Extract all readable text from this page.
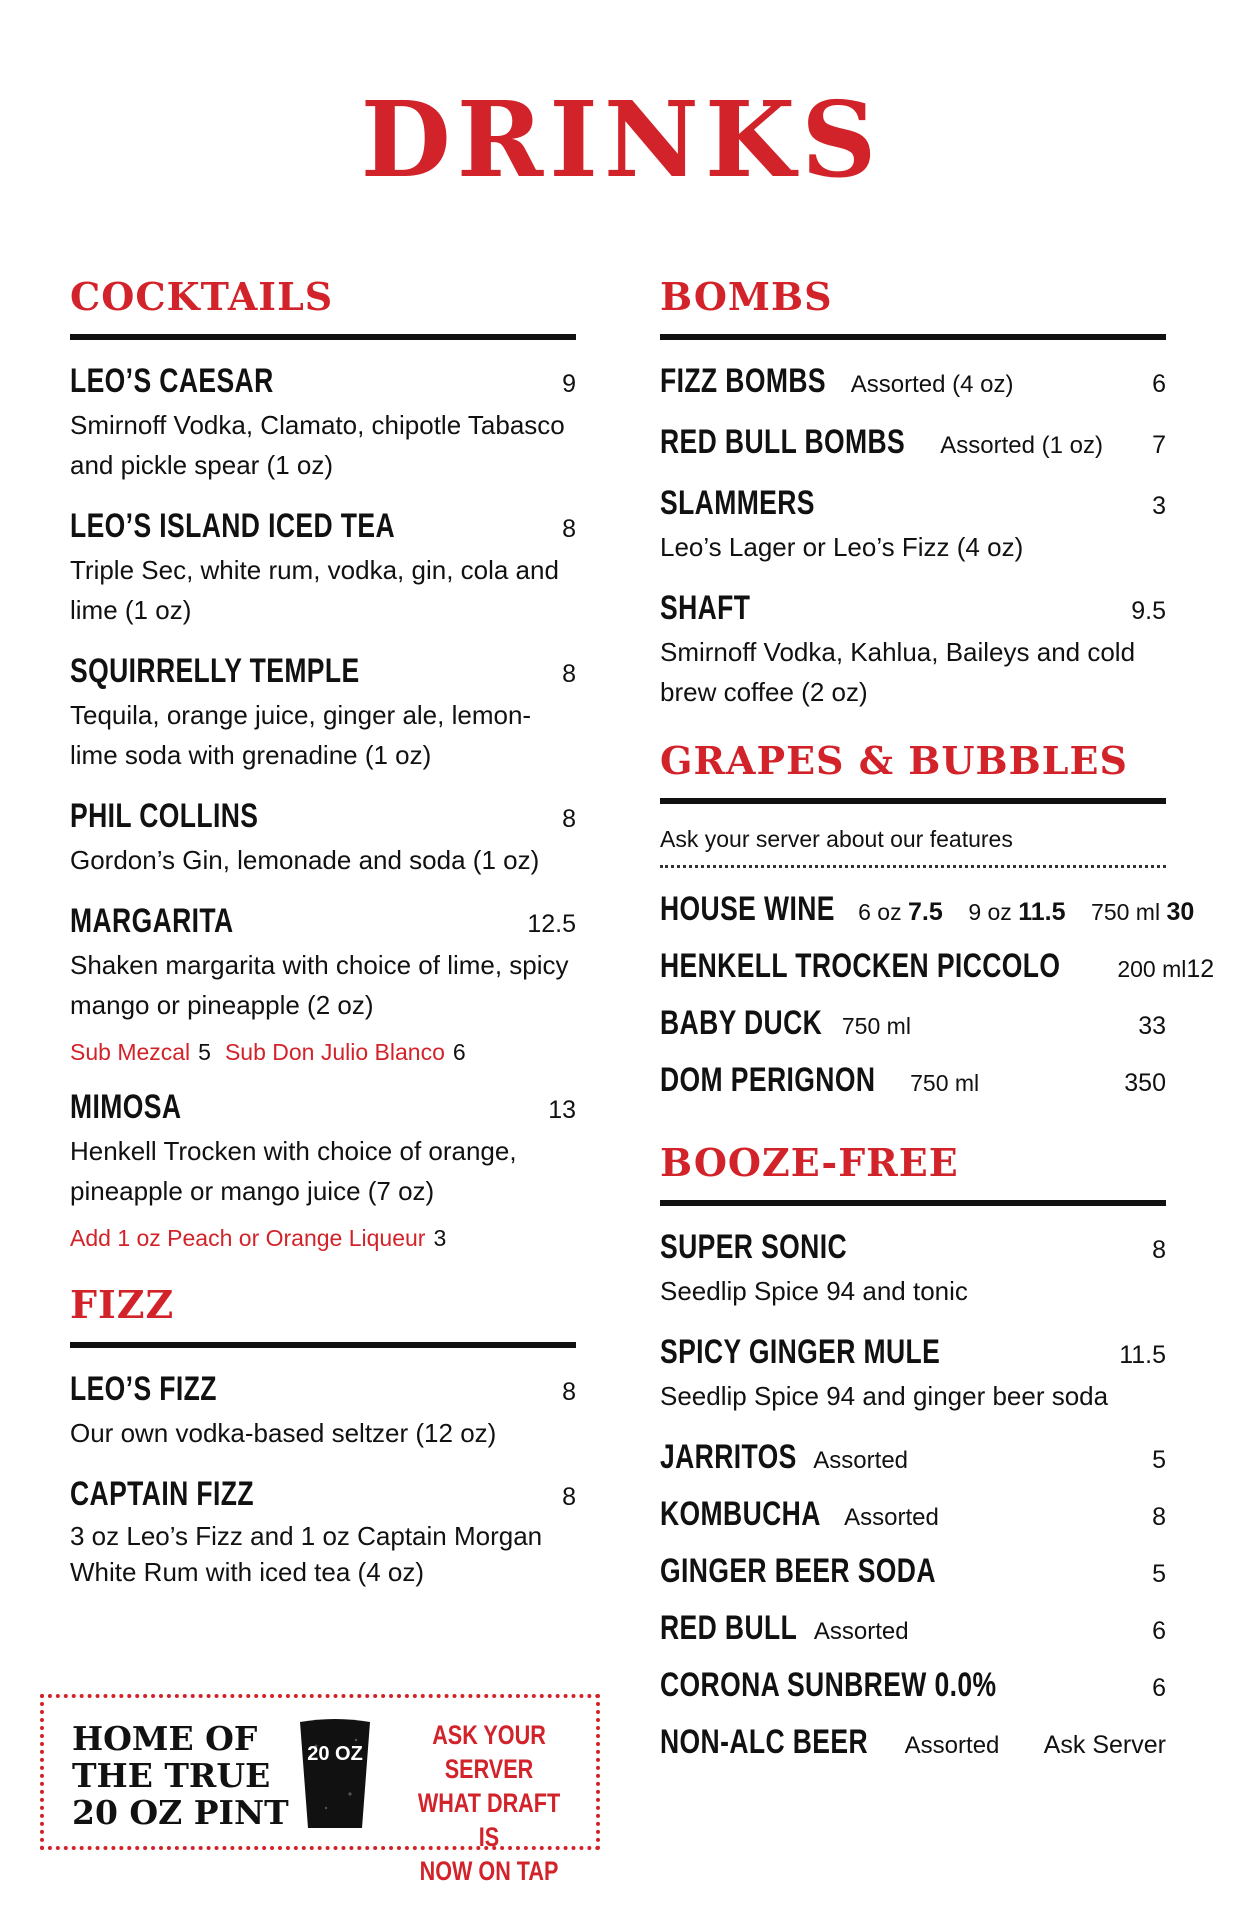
DRINKS
COCKTAILS
LEO’S CAESAR	9
Smirnoff Vodka, Clamato, chipotle Tabasco and pickle spear (1 oz)
LEO’S ISLAND ICED TEA	8
Triple Sec, white rum, vodka, gin, cola and lime (1 oz)
SQUIRRELLY TEMPLE	8
Tequila, orange juice, ginger ale, lemon-lime soda with grenadine (1 oz)
PHIL COLLINS	8
Gordon’s Gin, lemonade and soda (1 oz)
MARGARITA	12.5
Shaken margarita with choice of lime, spicy mango or pineapple (2 oz)
Sub Mezcal 5 Sub Don Julio Blanco 6
MIMOSA	13
Henkell Trocken with choice of orange, pineapple or mango juice (7 oz)
Add 1 oz Peach or Orange Liqueur 3
FIZZ
LEO’S FIZZ	8
Our own vodka-based seltzer (12 oz)
CAPTAIN FIZZ	8
3 oz Leo’s Fizz and 1 oz Captain Morgan White Rum with iced tea (4 oz)
BOMBS
FIZZ BOMBS Assorted (4 oz)	6
RED BULL BOMBS Assorted (1 oz) 7
SLAMMERS	3
Leo’s Lager or Leo’s Fizz (4 oz)
SHAFT	9.5
Smirnoff Vodka, Kahlua, Baileys and cold brew coffee (2 oz)
GRAPES & BUBBLES
Ask your server about our features
HOUSE WINE 6 oz 7.5 9 oz 11.5 750 ml 30
HENKELL TROCKEN PICCOLO 200 ml 12
BABY DUCK 750 ml	33
DOM PERIGNON 750 ml	350
BOOZE-FREE
SUPER SONIC	8
Seedlip Spice 94 and tonic
SPICY GINGER MULE	11.5
Seedlip Spice 94 and ginger beer soda
JARRITOS Assorted	5
KOMBUCHA Assorted	8
GINGER BEER SODA	5
RED BULL Assorted	6
CORONA SUNBREW 0.0%	6
NON-ALC BEER Assorted Ask Server
HOME OF
THE TRUE
20 OZ PINT
20 OZ
ASK YOUR SERVER
WHAT DRAFT IS
NOW ON TAP
